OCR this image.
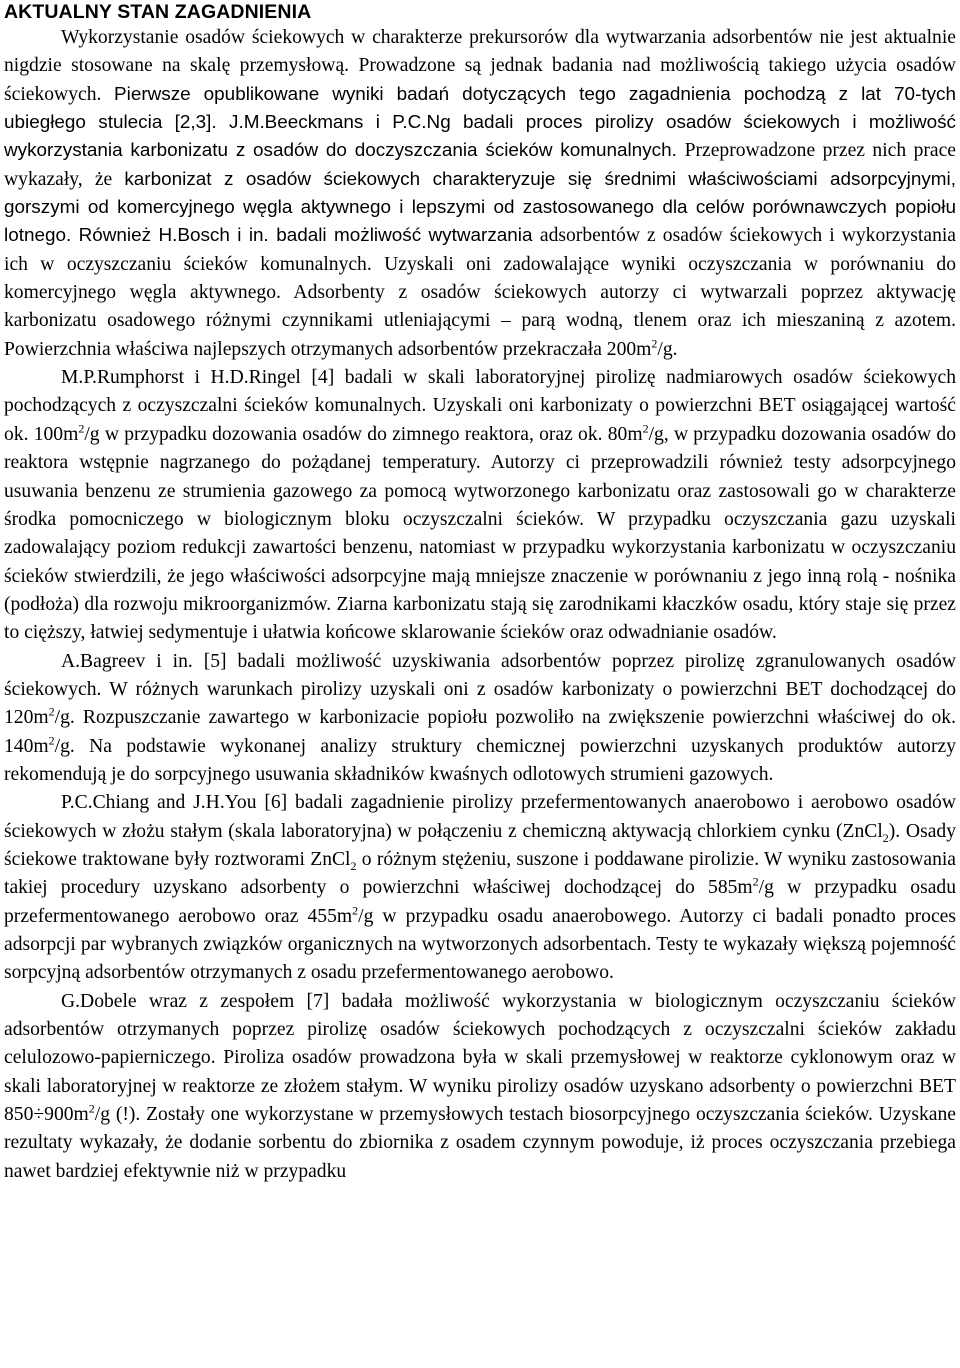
AKTUALNY STAN ZAGADNIENIA

Wykorzystanie osadów ściekowych w charakterze prekursorów dla wytwarzania adsorbentów nie jest aktualnie nigdzie stosowane na skalę przemysłową. Prowadzone są jednak badania nad możliwością takiego użycia osadów ściekowych. Pierwsze opublikowane wyniki badań dotyczących tego zagadnienia pochodzą z lat 70-tych ubiegłego stulecia [2,3]. J.M.Beeckmans i P.C.Ng badali proces pirolizy osadów ściekowych i możliwość wykorzystania karbonizatu z osadów do doczyszczania ścieków komunalnych. Przeprowadzone przez nich prace wykazały, że karbonizat z osadów ściekowych charakteryzuje się średnimi właściwościami adsorpcyjnymi, gorszymi od komercyjnego węgla aktywnego i lepszymi od zastosowanego dla celów porównawczych popiołu lotnego. Również H.Bosch i in. badali możliwość wytwarzania adsorbentów z osadów ściekowych i wykorzystania ich w oczyszczaniu ścieków komunalnych. Uzyskali oni zadowalające wyniki oczyszczania w porównaniu do komercyjnego węgla aktywnego. Adsorbenty z osadów ściekowych autorzy ci wytwarzali poprzez aktywację karbonizatu osadowego różnymi czynnikami utleniającymi – parą wodną, tlenem oraz ich mieszaniną z azotem. Powierzchnia właściwa najlepszych otrzymanych adsorbentów przekraczała $200m^2/g$.

M.P.Rumphorst i H.D.Ringel [4] badali w skali laboratoryjnej pirolizę nadmiarowych osadów ściekowych pochodzących z oczyszczalni ścieków komunalnych. Uzyskali oni karbonizaty o powierzchni BET osiągającej wartość ok. $100m^2/g$ w przypadku dozowania osadów do zimnego reaktora, oraz ok. $80m^2/g$, w przypadku dozowania osadów do reaktora wstępnie nagrzanego do pożądanej temperatury. Autorzy ci przeprowadzili również testy adsorpcyjnego usuwania benzenu ze strumienia gazowego za pomocą wytworzonego karbonizatu oraz zastosowali go w charakterze środka pomocniczego w biologicznym bloku oczyszczalni ścieków. W przypadku oczyszczania gazu uzyskali zadowalający poziom redukcji zawartości benzenu, natomiast w przypadku wykorzystania karbonizatu w oczyszczaniu ścieków stwierdzili, że jego właściwości adsorpcyjne mają mniejsze znaczenie w porównaniu z jego inną rolą - nośnika (podłoża) dla rozwoju mikroorganizmów. Ziarna karbonizatu stają się zarodnikami kłaczków osadu, który staje się przez to cięższy, łatwiej sedymentuje i ułatwia końcowe sklarowanie ścieków oraz odwadnianie osadów.

A.Bagreev i in. [5] badali możliwość uzyskiwania adsorbentów poprzez pirolizę zgranulowanych osadów ściekowych. W różnych warunkach pirolizy uzyskali oni z osadów karbonizaty o powierzchni BET dochodzącej do $120m^2/g$. Rozpuszczanie zawartego w karbonizacie popiołu pozwoliło na zwiększenie powierzchni właściwej do ok. $140m^2/g$. Na podstawie wykonanej analizy struktury chemicznej powierzchni uzyskanych produktów autorzy rekomendują je do sorpcyjnego usuwania składników kwaśnych odlotowych strumieni gazowych.

P.C.Chiang and J.H.You [6] badali zagadnienie pirolizy przefermentowanych anaerobowo i aerobowo osadów ściekowych w złożu stałym (skala laboratoryjna) w połączeniu z chemiczną aktywacją chlorkiem cynku (ZnCl$_2$). Osady ściekowe traktowane były roztworami ZnCl$_2$ o różnym stężeniu, suszone i poddawane pirolizie. W wyniku zastosowania takiej procedury uzyskano adsorbenty o powierzchni właściwej dochodzącej do $585m^2/g$ w przypadku osadu przefermentowanego aerobowo oraz $455m^2/g$ w przypadku osadu anaerobowego. Autorzy ci badali ponadto proces adsorpcji par wybranych związków organicznych na wytworzonych adsorbentach. Testy te wykazały większą pojemność sorpcyjną adsorbentów otrzymanych z osadu przefermentowanego aerobowo.

G.Dobele wraz z zespołem [7] badała możliwość wykorzystania w biologicznym oczyszczaniu ścieków adsorbentów otrzymanych poprzez pirolizę osadów ściekowych pochodzących z oczyszczalni ścieków zakładu celulozowo-papierniczego. Piroliza osadów prowadzona była w skali przemysłowej w reaktorze cyklonowym oraz w skali laboratoryjnej w reaktorze ze złożem stałym. W wyniku pirolizy osadów uzyskano adsorbenty o powierzchni BET $850\div 900m^2/g$ (!). Zostały one wykorzystane w przemysłowych testach biosorpcyjnego oczyszczania ścieków. Uzyskane rezultaty wykazały, że dodanie sorbentu do zbiornika z osadem czynnym powoduje, iż proces oczyszczania przebiega nawet bardziej efektywnie niż w przypadku
